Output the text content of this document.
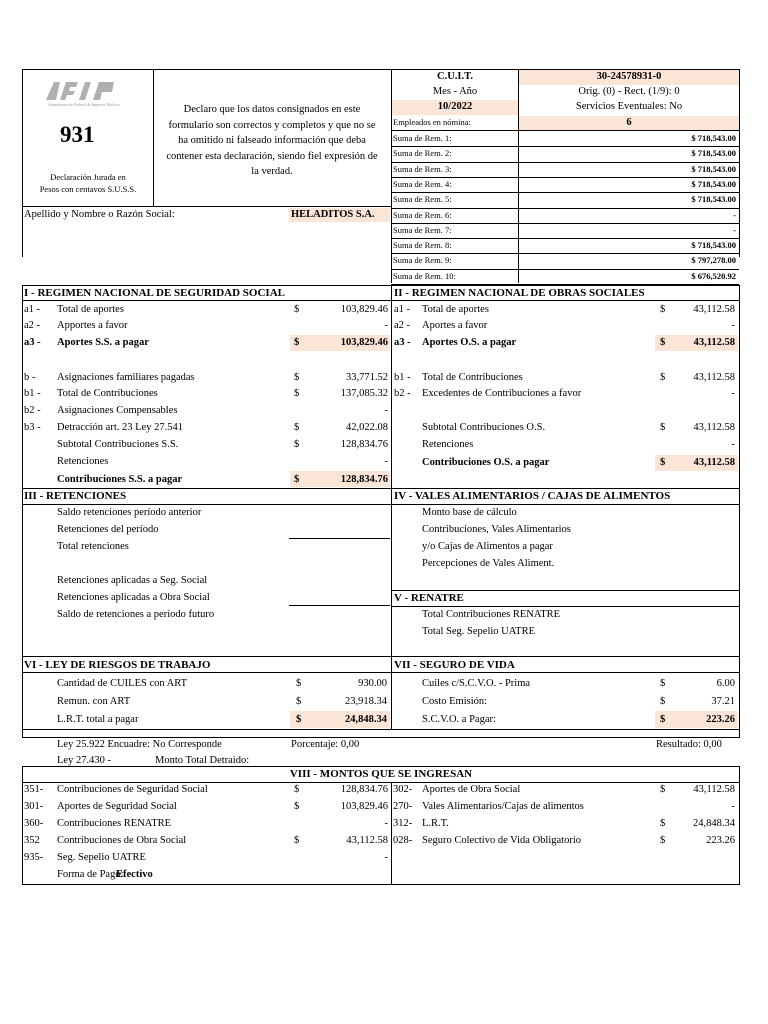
Administración Federal de Ingresos Públicos
931
Declaración Jurada en
Pesos con centavos S.U.S.S.
Declaro que los datos consignados en este
formulario son correctos y completos y que no se
ha omitido ni falseado información que deba
contener esta declaración, siendo fiel expresión de
la verdad.
C.U.I.T.	30-24578931-0
Mes - Año	Orig. (0) - Rect. (1/9): 0
10/2022	Servicios Eventuales: No
Empleados en nómina:	6
Suma de Rem. 1:	$ 718,543.00
Suma de Rem. 2:	$ 718,543.00
Suma de Rem. 3:	$ 718,543.00
Suma de Rem. 4:	$ 718,543.00
Suma de Rem. 5:	$ 718,543.00
Suma de Rem. 6:	-
Suma de Rem. 7:	-
Suma de Rem. 8:	$ 718,543.00
Suma de Rem. 9:	$ 797,278.00
Suma de Rem. 10:	$ 676,520.92
Apellido y Nombre o Razón Social:	HELADITOS S.A.
I - REGIMEN NACIONAL DE SEGURIDAD SOCIAL	II - REGIMEN NACIONAL DE OBRAS SOCIALES
a1 - Total de aportes	$	103,829.46
a2 - Apportes a favor	-
a3 - Aportes S.S. a pagar	$	103,829.46
b - Asignaciones familiares pagadas	$	33,771.52
b1 - Total de Contribuciones	$	137,085.32
b2 - Asignaciones Compensables	-
b3 - Detracción art. 23 Ley 27.541	$	42,022.08
Subtotal Contribuciones S.S.	$	128,834.76
Retenciones	-
Contribuciones S.S. a pagar	$	128,834.76
a1 - Total de aportes	$	43,112.58
a2 - Aportes a favor	-
a3 - Aportes O.S. a pagar	$	43,112.58
b1 - Total de Contribuciones	$	43,112.58
b2 - Excedentes de Contribuciones a favor	-
Subtotal Contribuciones O.S.	$	43,112.58
Retenciones	-
Contribuciones O.S. a pagar	$	43,112.58
III - RETENCIONES	IV - VALES ALIMENTARIOS / CAJAS DE ALIMENTOS
V - RENATRE
Saldo retenciones período anterior
Retenciones del período
Total retenciones
Retenciones aplicadas a Seg. Social
Retenciones aplicadas a Obra Social
Saldo de retenciones a período futuro
Monto base de cálculo
Contribuciones, Vales Alimentarios
y/o Cajas de Alimentos a pagar
Percepciones de Vales Aliment.
Total Contribuciones RENATRE
Total Seg. Sepelio UATRE
VI - LEY DE RIESGOS DE TRABAJO	VII - SEGURO DE VIDA
Cantidad de CUILES con ART	$	930.00
Remun. con ART	$	23,918.34
L.R.T. total a pagar	$	24,848.34
Cuiles c/S.C.V.O. - Prima	$	6.00
Costo Emisión:	$	37.21
S.C.V.O. a Pagar:	$	223.26
Ley 25.922 Encuadre: No Corresponde	Porcentaje: 0,00	Resultado: 0,00
Ley 27.430 -	Monto Total Detraido:
VIII - MONTOS QUE SE INGRESAN
351- Contribuciones de Seguridad Social	$	128,834.76
301- Aportes de Seguridad Social	$	103,829.46
360- Contribuciones RENATRE	-
352 Contribuciones de Obra Social	$	43,112.58
935- Seg. Sepelio UATRE	-
302- Aportes de Obra Social	$	43,112.58
270- Vales Alimentarios/Cajas de alimentos	-
312- L.R.T.	$	24,848.34
028- Seguro Colectivo de Vida Obligatorio	$	223.26
Forma de Pago:
Efectivo
